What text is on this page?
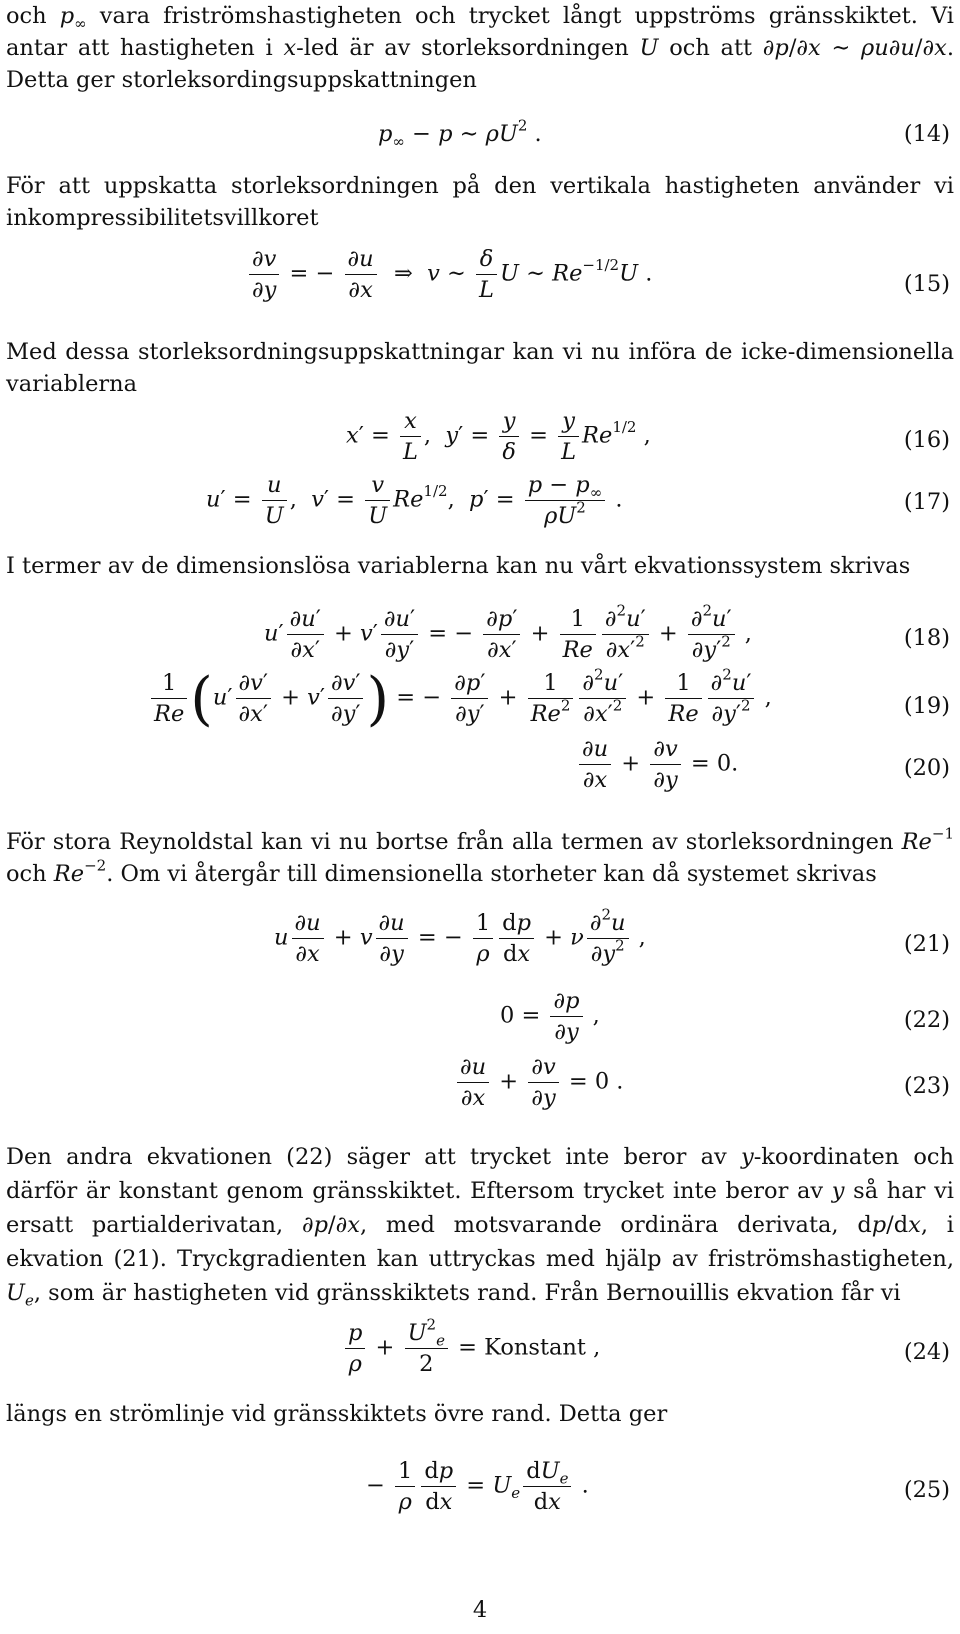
och $p_\infty$ vara friströmshastigheten och trycket långt uppströms gränsskiktet. Vi antar att hastigheten i x-led är av storleksordningen U och att ∂p/∂x ∼ ρu∂u/∂x. Detta ger storleksordingsuppskattningen
$p_\infty - p$ ∼ $\rho U^2$ .	(14)
För att uppskatta storleksordningen på den vertikala hastigheten använder vi inkompressibilitetsvillkoret
$\frac{\partial v}{\partial y}$ = − $\frac{\partial u}{\partial x}$ ⇒  v ∼ $\frac{\delta}{L}$ U ∼ $Re^{-1/2}U$ .	(15)
Med dessa storleksordningsuppskattningar kan vi nu införa de icke-dimensionella variablerna
$x' = \frac{x}{L}$ ,  $y' = \frac{y}{\delta} = \frac{y}{L} Re^{1/2}$ ,	(16)
$u' = \frac{u}{U}$ ,  $v' = \frac{v}{U} Re^{1/2}$,  $p' = \frac{p - p_\infty}{\rho U^2}$ .	(17)
I termer av de dimensionslösa variablerna kan nu vårt ekvationssystem skrivas
$u' \frac{\partial u'}{\partial x'} + v' \frac{\partial u'}{\partial y'}$ = − $\frac{\partial p'}{\partial x'} + \frac{1}{Re} \frac{\partial^2u'}{\partial x'^2} + \frac{\partial^2u'}{\partial y'^2}$ ,	(18)
$\frac{1}{Re} (u' \frac{\partial v'}{\partial x'} + v' \frac{\partial v'}{\partial y'}$ ) = − $\frac{\partial p'}{\partial y'} + \frac{1}{Re^2} \frac{\partial^2u'}{\partial x'^2} + \frac{1}{Re} \frac{\partial^2u'}{\partial y'^2}$ ,	(19)
$\frac{\partial u}{\partial x} + \frac{\partial v}{\partial y} = 0$.	(20)
För stora Reynoldstal kan vi nu bortse från alla termen av storleksordningen $Re^{-1}$ och $Re^{-2}$. Om vi återgår till dimensionella storheter kan då systemet skrivas
u $\frac{\partial u}{\partial x} + v \frac{\partial u}{\partial y}$ = − $\frac{1}{\rho} \frac{dp}{dx} + \nu \frac{\partial^2u}{\partial y^2}$ ,	(21)
$0 = \frac{\partial p}{\partial y}$ ,	(22)
$\frac{\partial u}{\partial x} + \frac{\partial v}{\partial y} = 0$ .	(23)
Den andra ekvationen (22) säger att trycket inte beror av y-koordinaten och därför är konstant genom gränsskiktet. Eftersom trycket inte beror av y så har vi ersatt partialderivatan, ∂p/∂x, med motsvarande ordinära derivata, dp/dx, i ekvation (21). Tryckgradienten kan uttryckas med hjälp av friströmshastigheten, $U_e$, som är hastigheten vid gränsskiktets rand. Från Bernouillis ekvation får vi
$\frac{p}{\rho} + \frac{U^2_e}{2}$ = Konstant ,	(24)
längs en strömlinje vid gränsskiktets övre rand. Detta ger
− $\frac{1}{\rho} \frac{dp}{dx} = U_e$
$dU_e$
dx
.	(25)
4
